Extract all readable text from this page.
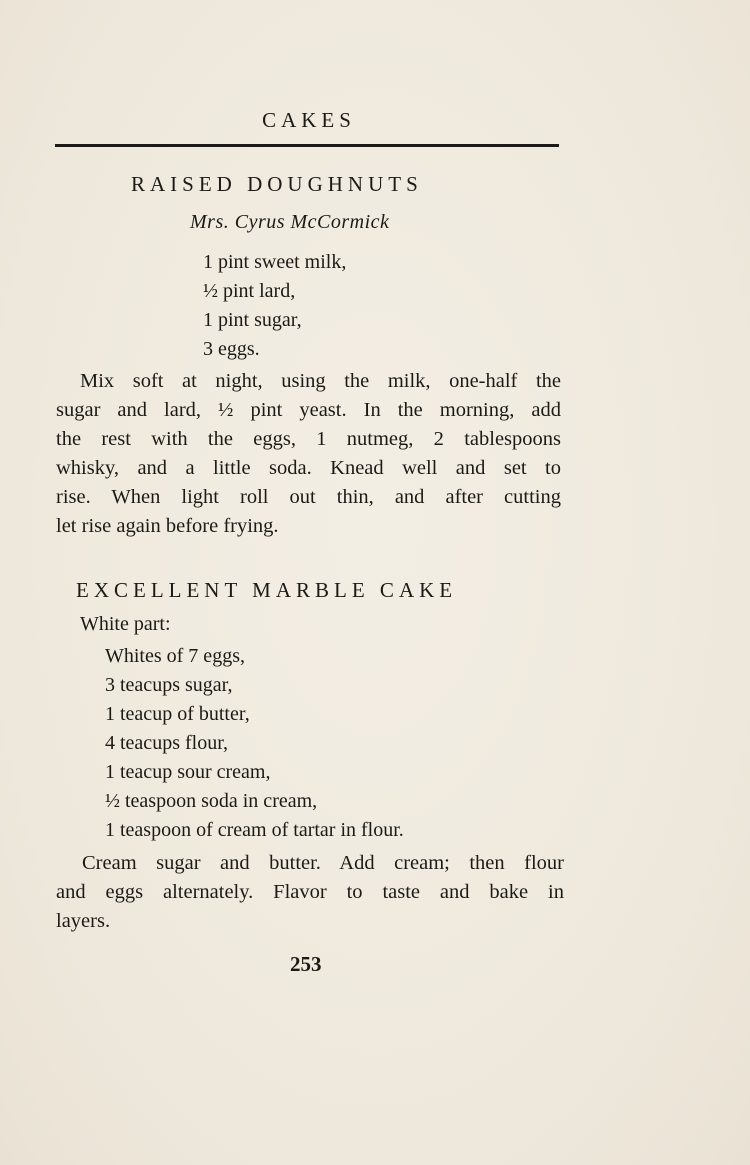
CAKES
RAISED DOUGHNUTS
Mrs. Cyrus McCormick
1 pint sweet milk,
½ pint lard,
1 pint sugar,
3 eggs.
Mix soft at night, using the milk, one-half the
sugar and lard, ½ pint yeast. In the morning, add
the rest with the eggs, 1 nutmeg, 2 tablespoons
whisky, and a little soda. Knead well and set to
rise. When light roll out thin, and after cutting
let rise again before frying.
EXCELLENT MARBLE CAKE
White part:
Whites of 7 eggs,
3 teacups sugar,
1 teacup of butter,
4 teacups flour,
1 teacup sour cream,
½ teaspoon soda in cream,
1 teaspoon of cream of tartar in flour.
Cream sugar and butter. Add cream; then flour
and eggs alternately. Flavor to taste and bake in
layers.
253
